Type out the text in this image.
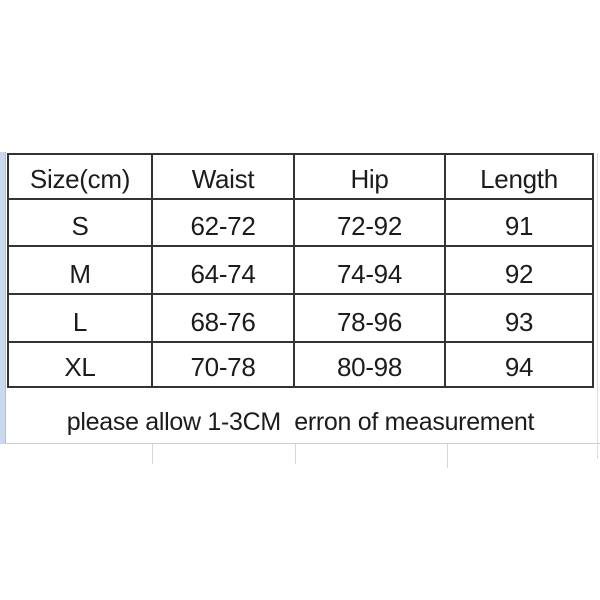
Size(cm)	Waist	Hip	Length
S	62-72	72-92	91
M	64-74	74-94	92
L	68-76	78-96	93
XL	70-78	80-98	94
please allow 1-3CM  erron of measurement
